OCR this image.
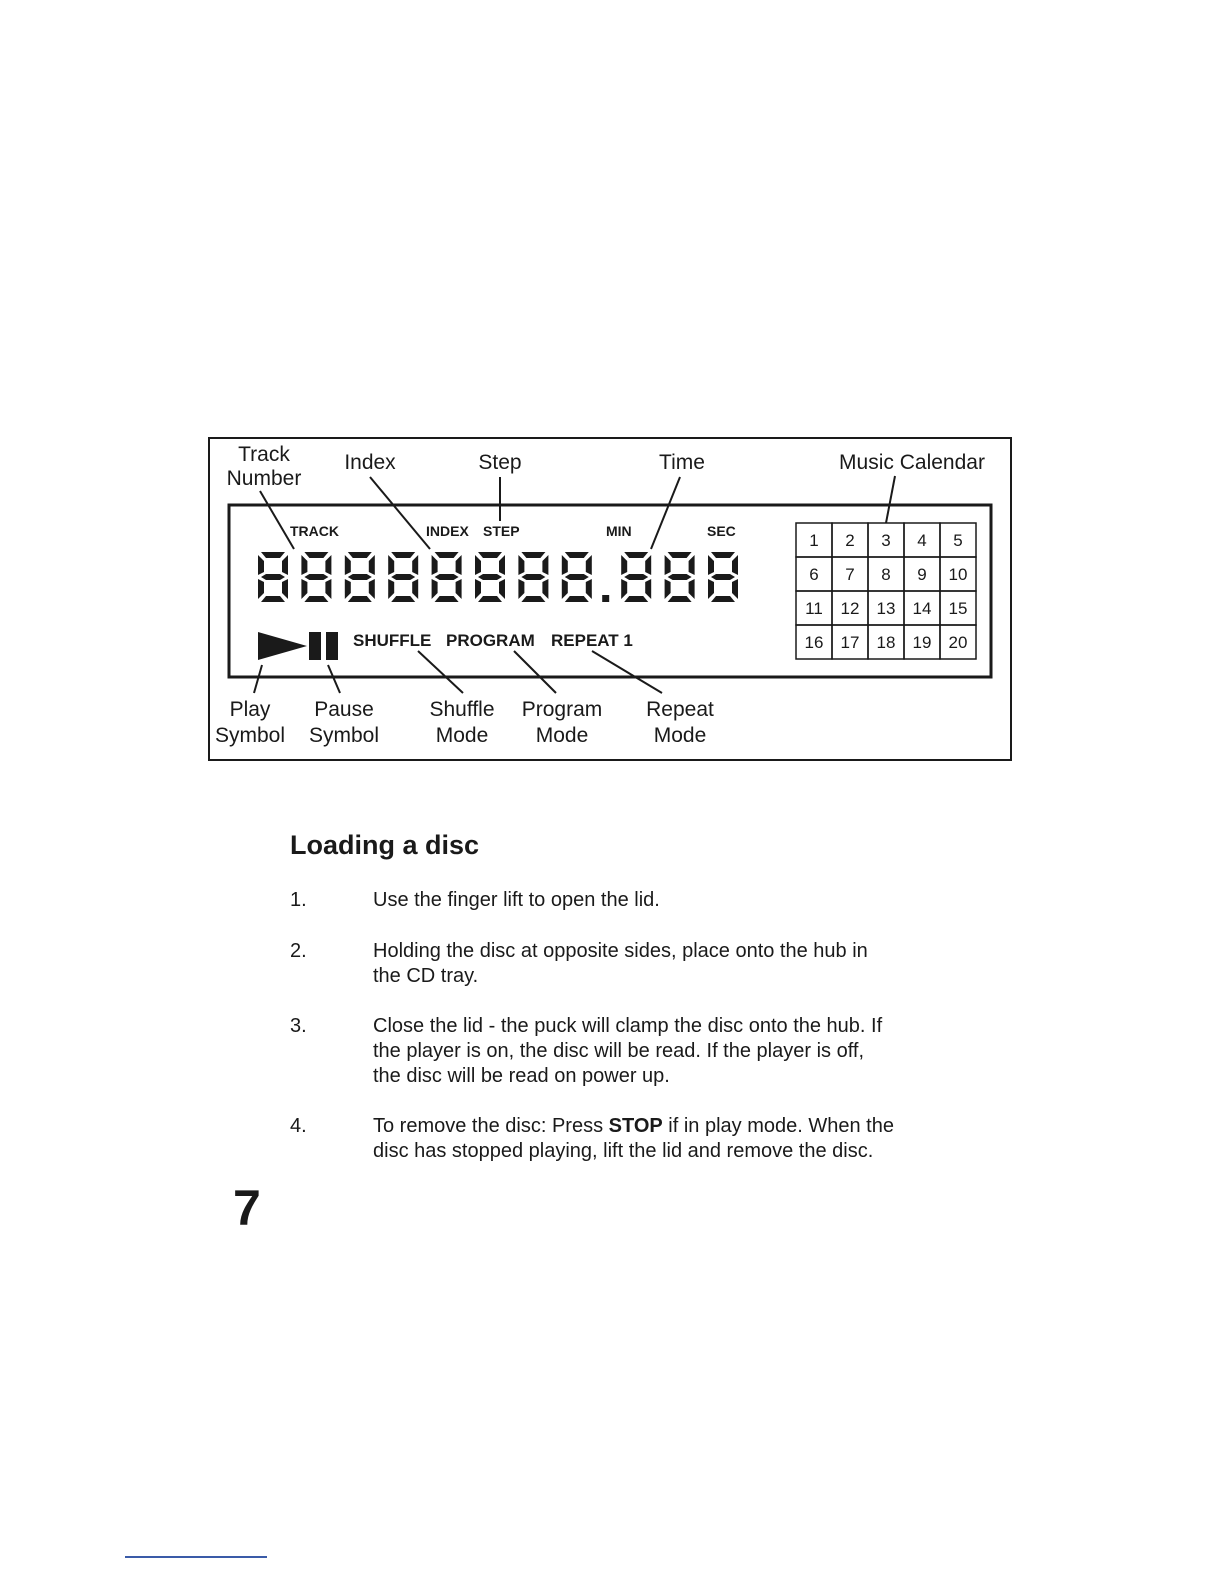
Track
Number
Index	Step	Time	Music Calendar
TRACK	INDEX STEP	MIN	SEC
SHUFFLE PROGRAM REPEAT 1
1 2 3 4 5
6 7 8 9 10
11 12 13 14 15
16 17 18 19 20
Play
Symbol
Pause
Symbol
Shuffle
Mode
Program
Mode
Repeat
Mode
Loading a disc
1.	Use the finger lift to open the lid.
2.	Holding the disc at opposite sides, place onto the hub in
the CD tray.
3.	Close the lid - the puck will clamp the disc onto the hub. If
the player is on, the disc will be read. If the player is off,
the disc will be read on power up.
4.	To remove the disc: Press STOP if in play mode. When the
disc has stopped playing, lift the lid and remove the disc.
7
